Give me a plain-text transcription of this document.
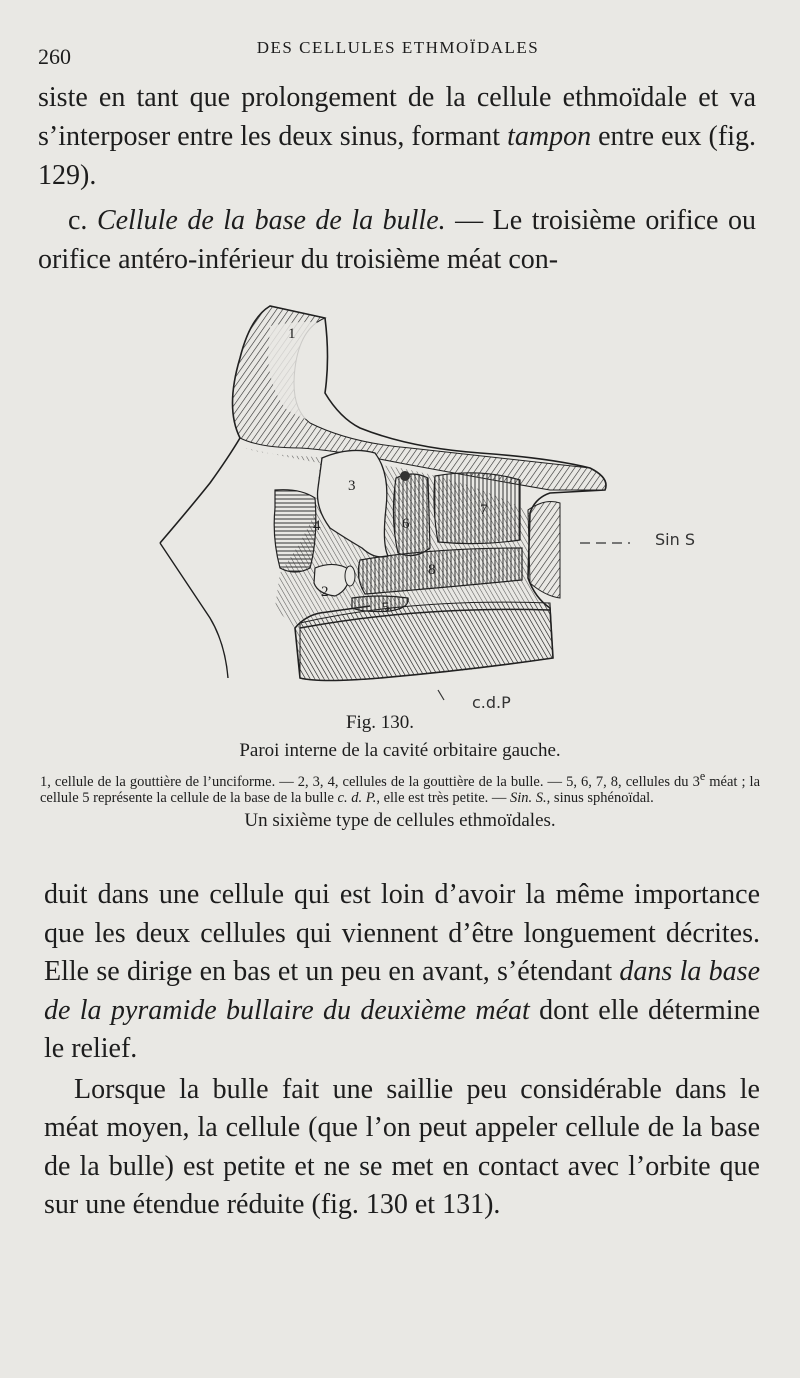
260	DES CELLULES ETHMOÏDALES

siste en tant que prolongement de la cellule ethmoïdale et va s’interposer entre les deux sinus, formant tampon entre eux (fig. 129).

c. Cellule de la base de la bulle. — Le troisième orifice ou orifice antéro-inférieur du troisième méat con-

1
2
3
4
5
6
7
8
Sin S
c.d.P
Fig. 130.
Paroi interne de la cavité orbitaire gauche.
1, cellule de la gouttière de l’unciforme. — 2, 3, 4, cellules de la gouttière de la bulle. — 5, 6, 7, 8, cellules du 3e méat ; la cellule 5 représente la cellule de la base de la bulle c. d. P., elle est très petite. — Sin. S., sinus sphénoïdal.
Un sixième type de cellules ethmoïdales.

duit dans une cellule qui est loin d’avoir la même importance que les deux cellules qui viennent d’être longuement décrites. Elle se dirige en bas et un peu en avant, s’étendant dans la base de la pyramide bullaire du deuxième méat dont elle détermine le relief.

Lorsque la bulle fait une saillie peu considérable dans le méat moyen, la cellule (que l’on peut appeler cellule de la base de la bulle) est petite et ne se met en contact avec l’orbite que sur une étendue réduite (fig. 130 et 131).
